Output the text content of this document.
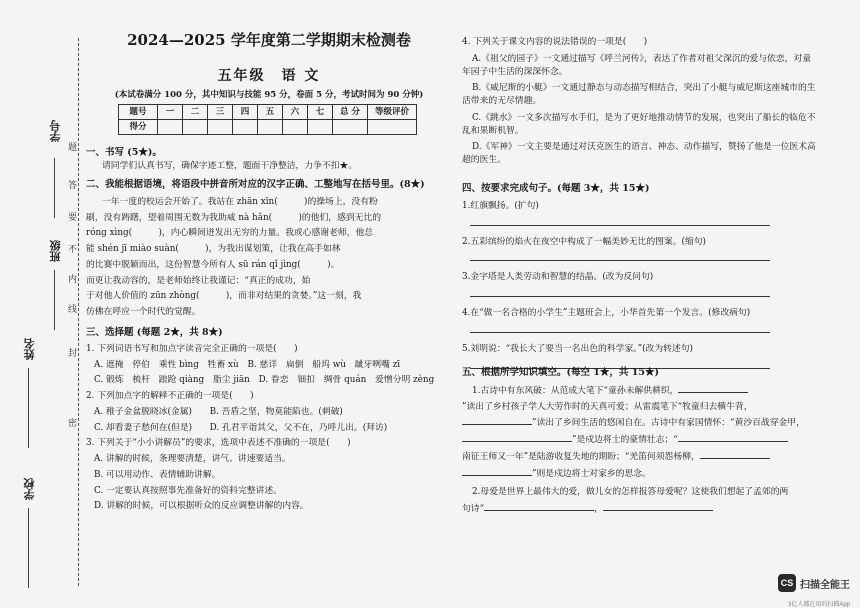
学号
班级
姓名
学校
题
答
要
不
内
线
封
密
2024—2025 学年度第二学期期末检测卷
五年级　语 文
(本试卷满分 100 分，其中知识与技能 95 分，卷面 5 分，考试时间为 90 分钟)
题号	一	二	三	四	五	六	七	总 分	等级评价
得分									
一、书写 (5★)。
请同学们认真书写，确保字迹工整，题面干净整洁，力争不扣★。
二、我能根据语境，将语段中拼音所对应的汉字正确、工整地写在括号里。(8★)
一年一度的校运会开始了。我站在 zhān xīn(　　　)的操场上，没有粉
刷，没有踌躇，望着周围无数为我助威 nà hǎn(　　　)的他们，感到无比的
róng xìng(　　　)，内心瞬间迸发出无穷的力量。我或心感谢老师，他总
能 shén jī miào suàn(　　　)，为我出谋划策，让我在高手如林
的比赛中脱颖而出，这份智慧今所有人 sū rán qǐ jìng(　　　)。
而更让我动容的，是老师始终让我谨记：“真正的成功，始
于对他人价值的 zūn zhòng(　　　)，而非对结果的贪婪。”这一刻，我
仿佛在呼应一个时代的觉醒。
三、选择题 (每题 2★，共 8★)
1. 下列词语书写和加点字读音完全正确的一项是(　　)
A. 遮掩　停伯　乘性 bìng　牲畜 xù　B. 慈详　扁倒　船坞 wù　龇牙咧嘴 zī
C. 锻炼　梳杆　踉跄 qiàng　脂尘 jiān　D. 眷恋　钿扣　绸骨 quán　爱憎分明 zèng
2. 下列加点字的解释不正确的一项是(　　)
A. 稚子金盆脱晓冰(金属)　　B. 吾盾之坚，物莫能陷也。(刺破)
C. 却看妻子愁何在(但是)　　D. 孔君平诣其父，父不在，乃呼儿出。(拜访)
3. 下列关于“小小讲解员”的要求，选项中表述不准确的一项是(　　)
A. 讲解的时候，条理要清楚，讲气、讲速要适当。
B. 可以用动作、表情辅助讲解。
C. 一定要认真按照事先准备好的资料完整讲述。
D. 讲解的时候，可以根据听众的反应调整讲解的内容。
4. 下列关于课文内容的说法错误的一项是(　　)
A.《祖父的园子》一文通过描写《呼兰河传》，表达了作者对祖父深沉的爱与依恋，对童年园子中生活的深深怀念。
B.《威尼斯的小艇》一文通过静态与动态描写相结合，突出了小艇与威尼斯这座城市的生活带来的无尽情趣。
C.《跳水》一文多次描写水手们，是为了更好地推动情节的发展，也突出了船长的临危不乱和果断机智。
D.《军神》一文主要是通过对沃克医生的语言、神态、动作描写，赞扬了他是一位医术高超的医生。
四、按要求完成句子。(每题 3★，共 15★)
1.红旗飘扬。(扩句)
2.五彩缤纷的焰火在夜空中构成了一幅美妙无比的图案。(缩句)
3.金字塔是人类劳动和智慧的结晶。(改为反问句)
4.在“做一名合格的小学生”主题班会上，小华首先第一个发言。(修改病句)
5.刘明说：“我长大了要当一名出色的科学家。”(改为转述句)
五、根据所学知识填空。(每空 1★，共 15★)
1.古诗中有东风破：从范成大笔下“童孙未解供耕织，
”读出了乡村孩子学人大劳作时的天真可爱；从雷震笔下“牧童归去横牛背，
”读出了乡间生活的悠闲自在。古诗中有家国情怀：“黄沙百战穿金甲，
”是戍边将士的豪情壮志；“
南征王师又一年”是陆游收复失地的期盼；“羌笛何须怨杨柳，
”则是戍边将士对家乡的思念。
2.母爱是世界上最伟大的爱，做儿女的怎样报答母爱呢？这使我们想起了孟郊的两
句诗“	，
CS 扫描全能王
3亿人都在用的扫描App
